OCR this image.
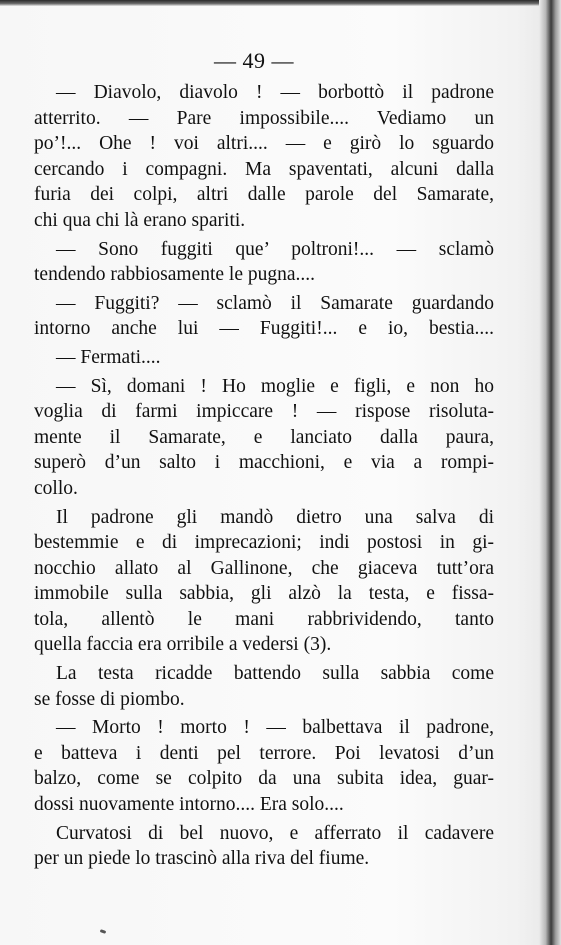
— 49 —
— Diavolo, diavolo ! — borbottò il padrone
atterrito. — Pare impossibile.... Vediamo un
po’!... Ohe ! voi altri.... — e girò lo sguardo
cercando i compagni. Ma spaventati, alcuni dalla
furia dei colpi, altri dalle parole del Samarate,
chi qua chi là erano spariti.
— Sono fuggiti que’ poltroni!... — sclamò
tendendo rabbiosamente le pugna....
— Fuggiti? — sclamò il Samarate guardando
intorno anche lui — Fuggiti!... e io, bestia....
— Fermati....
— Sì, domani ! Ho moglie e figli, e non ho
voglia di farmi impiccare ! — rispose risoluta-
mente il Samarate, e lanciato dalla paura,
superò d’un salto i macchioni, e via a rompi-
collo.
Il padrone gli mandò dietro una salva di
bestemmie e di imprecazioni; indi postosi in gi-
nocchio allato al Gallinone, che giaceva tutt’ora
immobile sulla sabbia, gli alzò la testa, e fissa-
tola, allentò le mani rabbrividendo, tanto
quella faccia era orribile a vedersi (3).
La testa ricadde battendo sulla sabbia come
se fosse di piombo.
— Morto ! morto ! — balbettava il padrone,
e batteva i denti pel terrore. Poi levatosi d’un
balzo, come se colpito da una subita idea, guar-
dossi nuovamente intorno.... Era solo....
Curvatosi di bel nuovo, e afferrato il cadavere
per un piede lo trascinò alla riva del fiume.
